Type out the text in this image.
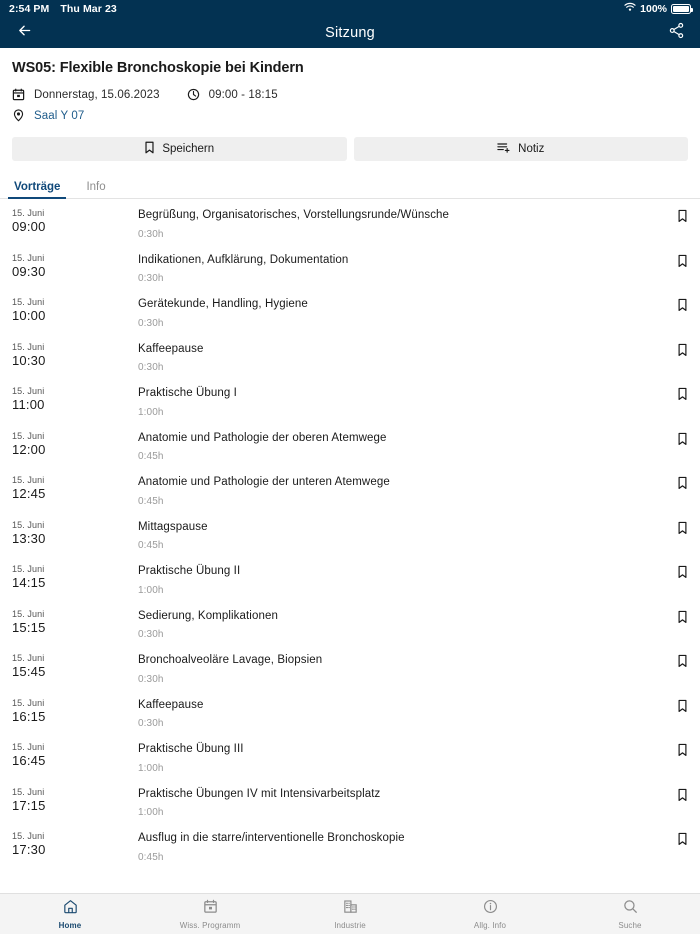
2:54 PM Thu Mar 23	100%
Sitzung
WS05: Flexible Bronchoskopie bei Kindern
Donnerstag, 15.06.2023	09:00 - 18:15
Saal Y 07
Speichern	Notiz
Vorträge Info
15. Juni
09:00
Begrüßung, Organisatorisches, Vorstellungsrunde/Wünsche
0:30h
15. Juni
09:30
Indikationen, Aufklärung, Dokumentation
0:30h
15. Juni
10:00
Gerätekunde, Handling, Hygiene
0:30h
15. Juni
10:30
Kaffeepause
0:30h
15. Juni
11:00
Praktische Übung I
1:00h
15. Juni
12:00
Anatomie und Pathologie der oberen Atemwege
0:45h
15. Juni
12:45
Anatomie und Pathologie der unteren Atemwege
0:45h
15. Juni
13:30
Mittagspause
0:45h
15. Juni
14:15
Praktische Übung II
1:00h
15. Juni
15:15
Sedierung, Komplikationen
0:30h
15. Juni
15:45
Bronchoalveoläre Lavage, Biopsien
0:30h
15. Juni
16:15
Kaffeepause
0:30h
15. Juni
16:45
Praktische Übung III
1:00h
15. Juni
17:15
Praktische Übungen IV mit Intensivarbeitsplatz
1:00h
15. Juni
17:30
Ausflug in die starre/interventionelle Bronchoskopie
0:45h
Home	Wiss. Programm	Industrie	Allg. Info	Suche
